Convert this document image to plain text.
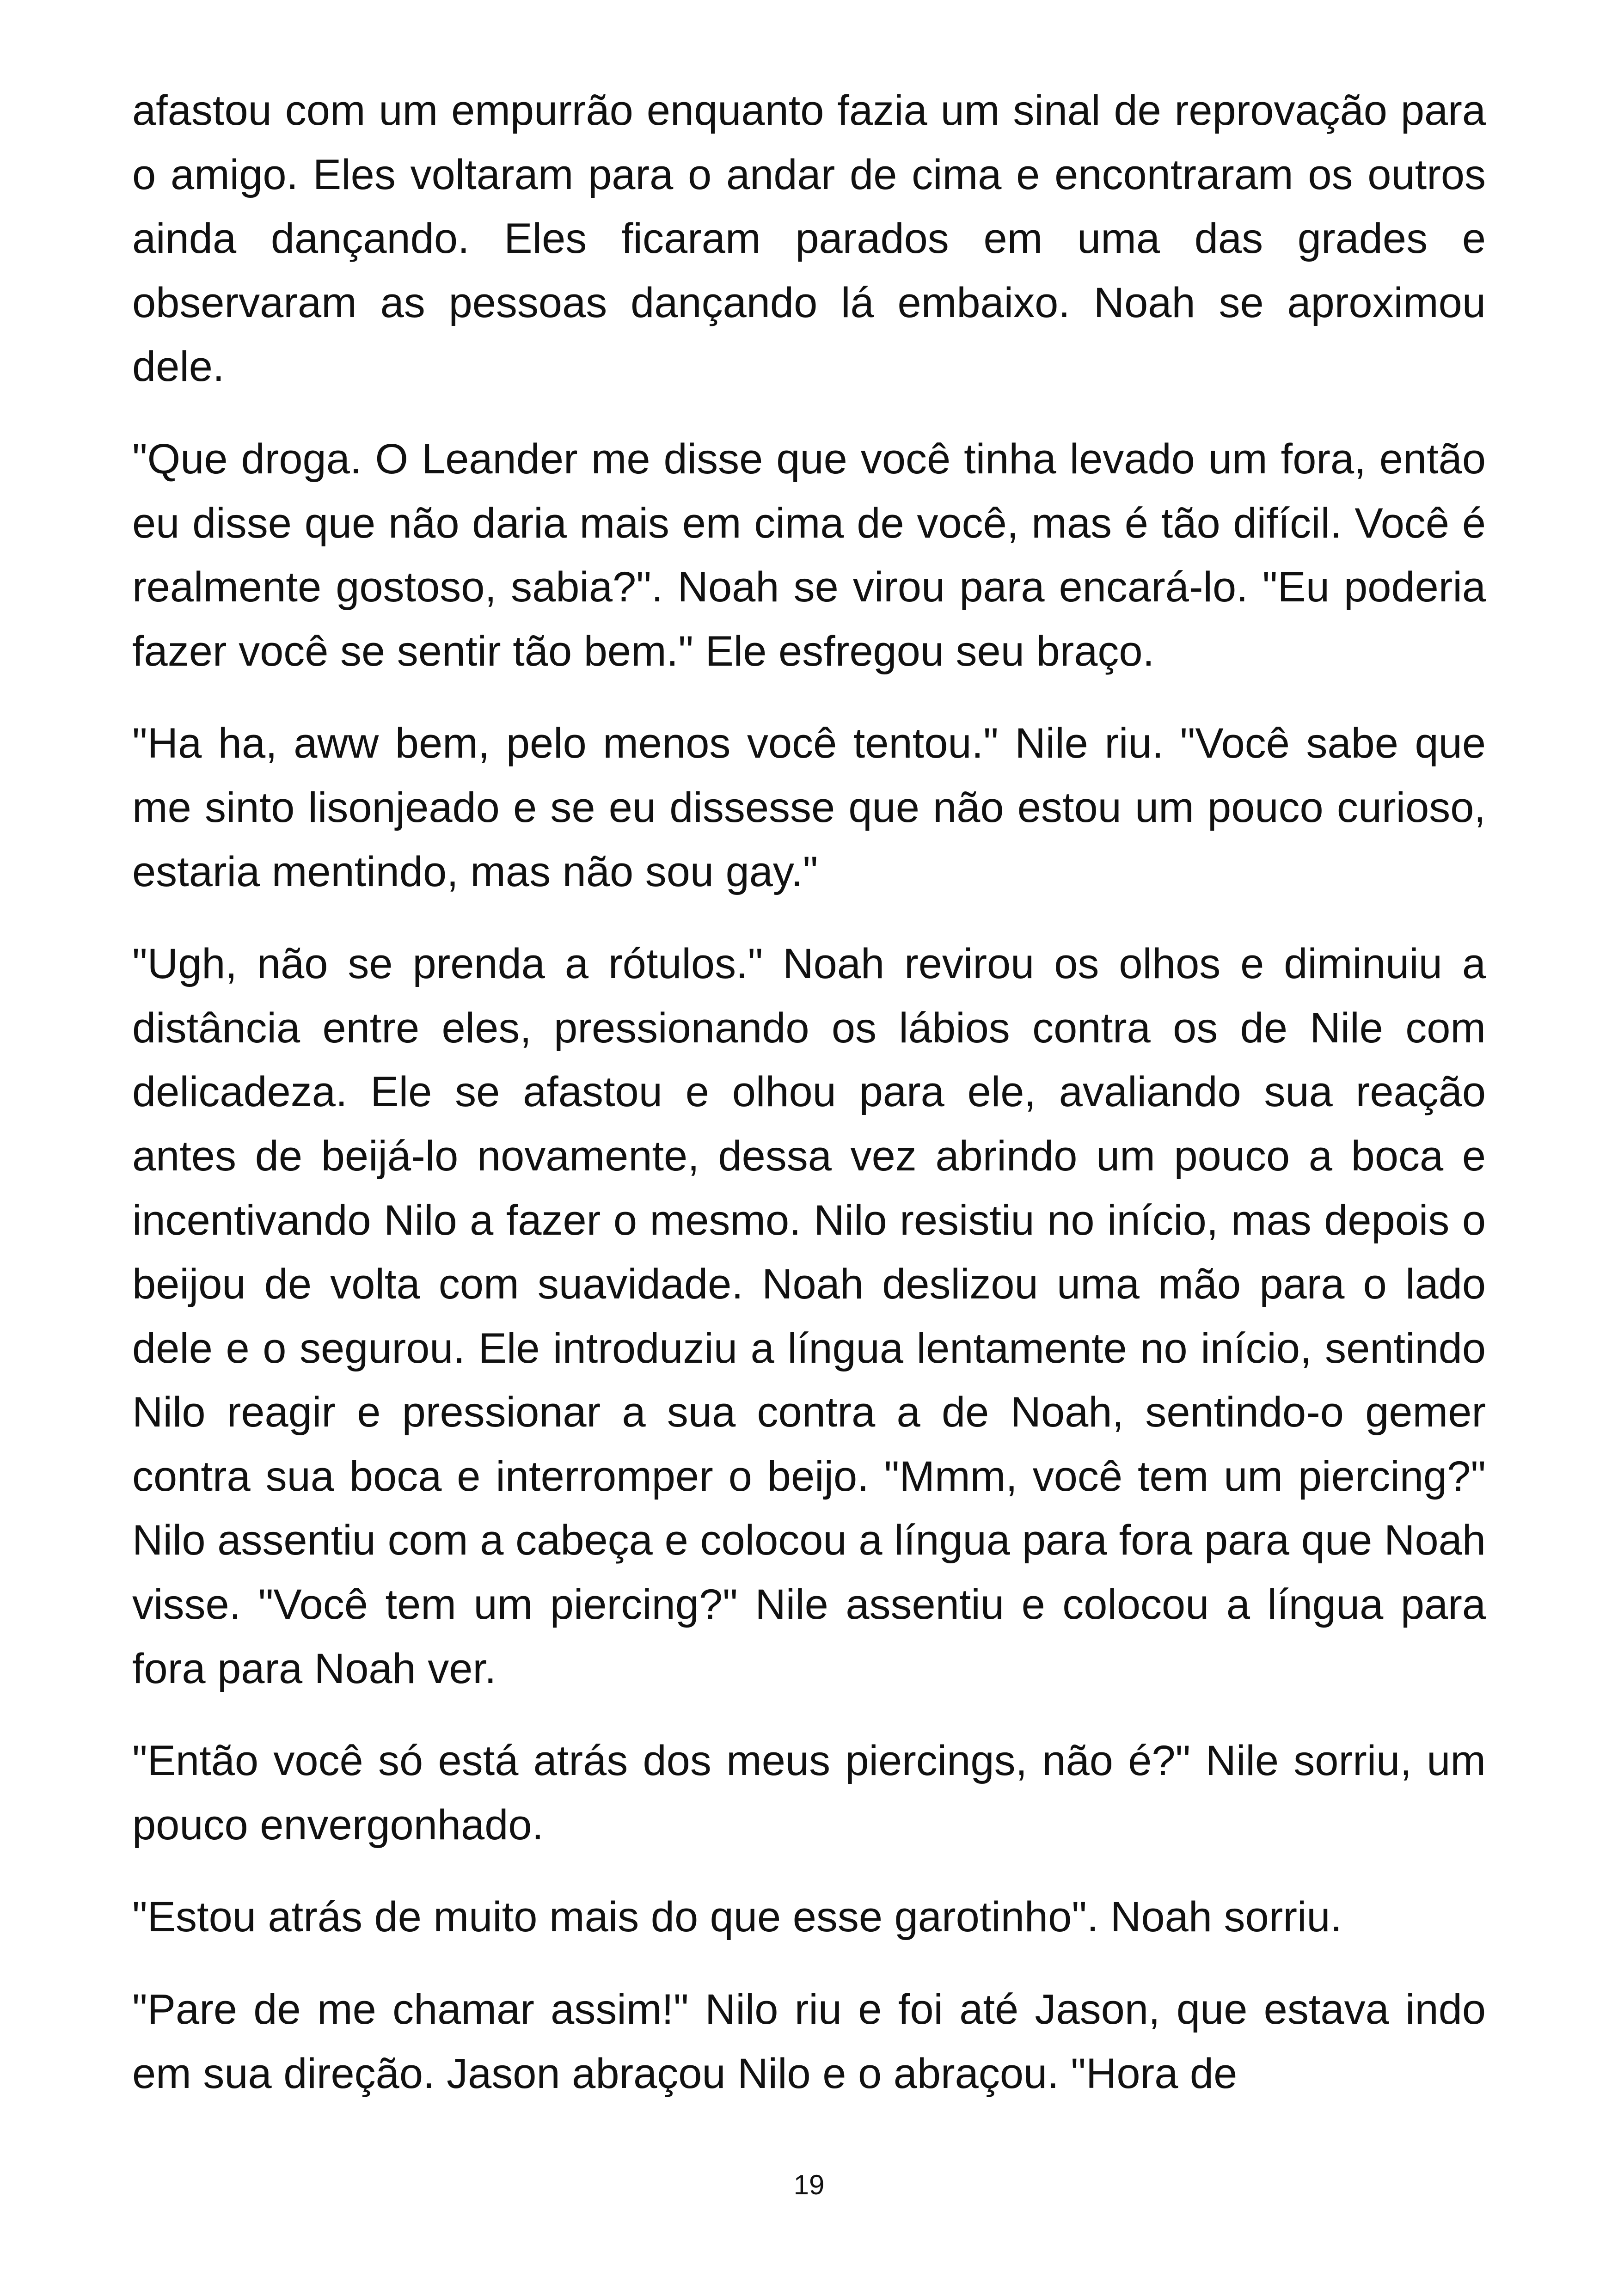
afastou com um empurrão enquanto fazia um sinal de reprovação para o amigo. Eles voltaram para o andar de cima e encontraram os outros ainda dançando. Eles ficaram parados em uma das grades e observaram as pessoas dançando lá embaixo. Noah se aproximou dele.

"Que droga. O Leander me disse que você tinha levado um fora, então eu disse que não daria mais em cima de você, mas é tão difícil. Você é realmente gostoso, sabia?". Noah se virou para encará-lo. "Eu poderia fazer você se sentir tão bem." Ele esfregou seu braço.

"Ha ha, aww bem, pelo menos você tentou." Nile riu. "Você sabe que me sinto lisonjeado e se eu dissesse que não estou um pouco curioso, estaria mentindo, mas não sou gay."

"Ugh, não se prenda a rótulos." Noah revirou os olhos e diminuiu a distância entre eles, pressionando os lábios contra os de Nile com delicadeza. Ele se afastou e olhou para ele, avaliando sua reação antes de beijá-lo novamente, dessa vez abrindo um pouco a boca e incentivando Nilo a fazer o mesmo. Nilo resistiu no início, mas depois o beijou de volta com suavidade. Noah deslizou uma mão para o lado dele e o segurou. Ele introduziu a língua lentamente no início, sentindo Nilo reagir e pressionar a sua contra a de Noah, sentindo-o gemer contra sua boca e interromper o beijo. "Mmm, você tem um piercing?" Nilo assentiu com a cabeça e colocou a língua para fora para que Noah visse. "Você tem um piercing?" Nile assentiu e colocou a língua para fora para Noah ver.

"Então você só está atrás dos meus piercings, não é?" Nile sorriu, um pouco envergonhado.

"Estou atrás de muito mais do que esse garotinho". Noah sorriu.

"Pare de me chamar assim!" Nilo riu e foi até Jason, que estava indo em sua direção. Jason abraçou Nilo e o abraçou. "Hora de

19
